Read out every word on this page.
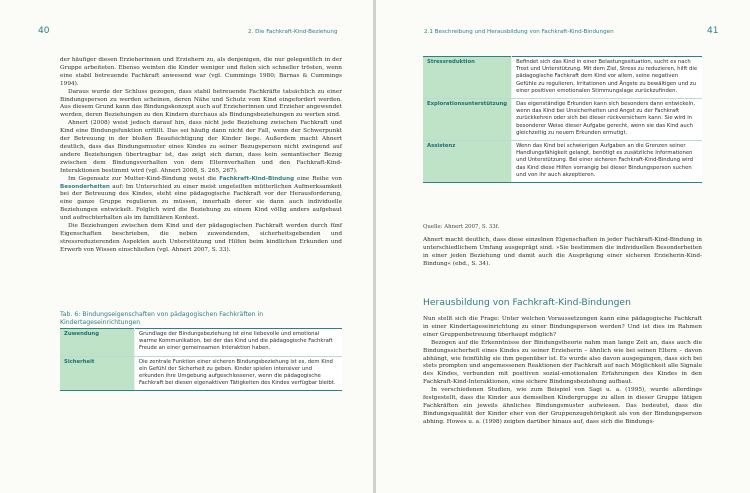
40	2. Die Fachkraft-Kind-Beziehung

der häufiger diesen Erzieherinnen und Erziehern zu, als denjenigen, die nur gelegentlich in der Gruppe arbeiteten. Ebenso weinten die Kinder weniger und fielen sich schneller trösten, wenn eine stabil betreuende Fachkraft anwesend war (vgl. Cummings 1980; Barnas & Cummings 1994).

Daraus wurde der Schluss gezogen, dass stabil betreuende Fachkräfte tatsächlich zu einer Bindungsperson zu werden scheinen, deren Nähe und Schutz vom Kind eingefordert werden. Aus diesem Grund kann das Bindungskonzept auch auf Erzieherinnen und Erzieher angewendet werden, deren Beziehungen zu den Kindern durchaus als Bindungsbeziehungen zu werten sind.

Ahnert (2008) weist jedoch darauf hin, dass nicht jede Beziehung zwischen Fachkraft und Kind eine Bindungsfunktion erfüllt. Das sei häufig dann nicht der Fall, wenn der Schwerpunkt der Betreuung in der bloßen Beaufsichtigung der Kinder liege. Außerdem macht Ahnert deutlich, dass das Bindungsmuster eines Kindes zu seiner Bezugsperson nicht zwingend auf andere Beziehungen übertragbar ist, das zeigt sich daran, dass kein semantischer Bezug zwischen dem Bindungsverhalten von dem Elternverhalten und den Fachkraft-Kind-Interaktionen bestimmt wird (vgl. Ahnert 2008, S. 265, 267).

Im Gegensatz zur Mutter-Kind-Bindung weist die Fachkraft-Kind-Bindung eine Reihe von Besonderheiten auf: Im Unterschied zu einer meist ungeteilten mütterlichen Aufmerksamkeit bei der Betreuung des Kindes, steht eine pädagogische Fachkraft vor der Herausforderung, eine ganze Gruppe regulieren zu müssen, innerhalb derer sie dann auch individuelle Beziehungen entwickelt. Folglich wird die Beziehung zu einem Kind völlig anders aufgebaut und aufrechterhalten als im familiären Kontext.

Die Beziehungen zwischen dem Kind und der pädagogischen Fachkraft werden durch fünf Eigenschaften beschrieben, die neben zuwendenden, sicherheitsgebenden und stressreduzierenden Aspekten auch Unterstützung und Hilfen beim kindlichen Erkunden und Erwerb von Wissen einschließen (vgl. Ahnert 2007, S. 33).

Tab. 6: Bindungseigenschaften von pädagogischen Fachkräften in Kindertageseinrichtungen
Zuwendung	Grundlage der Bindungsbeziehung ist eine liebevolle und emotional warme Kommunikation, bei der das Kind und die pädagogische Fachkraft Freude an einer gemeinsamen Interaktion haben.
Sicherheit	Die zentrale Funktion einer sicheren Bindungsbeziehung ist es, dem Kind ein Gefühl der Sicherheit zu geben. Kinder spielen intensiver und erkunden ihre Umgebung aufgeschlossener, wenn die pädagogische Fachkraft bei diesen eigenaktiven Tätigkeiten des Kindes verfügbar bleibt.
2.1 Beschreibung und Herausbildung von Fachkraft-Kind-Bindungen	41
Stressreduktion	Befindet sich das Kind in einer Belastungssituation, sucht es nach Trost und Unterstützung. Mit dem Ziel, Stress zu reduzieren, hilft die pädagogische Fachkraft dem Kind vor allem, seine negativen Gefühle zu regulieren, Irritationen und Ängste zu bewältigen und zu einer positiven emotionalen Stimmungslage zurückzufinden.
Explorationsunterstützung	Das eigenständige Erkunden kann sich besonders dann entwickeln, wenn das Kind bei Unsicherheiten und Angst zu der Fachkraft zurückkehren oder sich bei dieser rückversichern kann. Sie wird in besonderer Weise dieser Aufgabe gerecht, wenn sie das Kind auch gleichzeitig zu neuem Erkunden ermutigt.
Assistenz	Wenn das Kind bei schwierigen Aufgaben an die Grenzen seiner Handlungsfähigkeit gelangt, benötigt es zusätzliche Informationen und Unterstützung. Bei einer sicheren Fachkraft-Kind-Bindung wird das Kind diese Hilfen vorrangig bei dieser Bindungsperson suchen und von ihr auch akzeptieren.
Quelle: Ahnert 2007, S. 33f.

Ahnert macht deutlich, dass diese einzelnen Eigenschaften in jeder Fachkraft-Kind-Bindung in unterschiedlichem Umfang ausgeprägt sind. »Sie bestimmen die individuellen Besonderheiten in einer jeden Beziehung und damit auch die Ausprägung einer sicheren Erzieherin-Kind-Bindung« (ebd., S. 34).

Herausbildung von Fachkraft-Kind-Bindungen

Nun stellt sich die Frage: Unter welchen Voraussetzungen kann eine pädagogische Fachkraft in einer Kindertageseinrichtung zu einer Bindungsperson werden? Und ist dies im Rahmen einer Gruppenbetreuung überhaupt möglich?

Bezogen auf die Erkenntnisse der Bindungstheorie nahm man lange Zeit an, dass auch die Bindungssicherheit eines Kindes zu seiner Erzieherin – ähnlich wie bei seinen Eltern – davon abhängt, wie feinfühlig sie ihm gegenüber ist. Es wurde also davon ausgegangen, dass sich bei stets prompten und angemessenen Reaktionen der Fachkraft auf nach Möglichkeit alle Signale des Kindes, verbunden mit positiven sozial-emotionalen Erfahrungen des Kindes in den Fachkraft-Kind-Interaktionen, eine sichere Bindungsbeziehung aufbaut.

In verschiedenen Studien, wie zum Beispiel von Sagi u. a. (1995), wurde allerdings festgestellt, dass die Kinder aus demselben Kindergruppe zu allen in dieser Gruppe tätigen Fachkräften ein jeweils ähnliches Bindungsmuster aufwiesen. Das bedeutet, dass die Bindungsqualität der Kinder eher von der Gruppenzugehörigkeit als von der Bindungsperson abhing. Howes u. a. (1998) zeigten darüber hinaus auf, dass sich die Bindungs-
